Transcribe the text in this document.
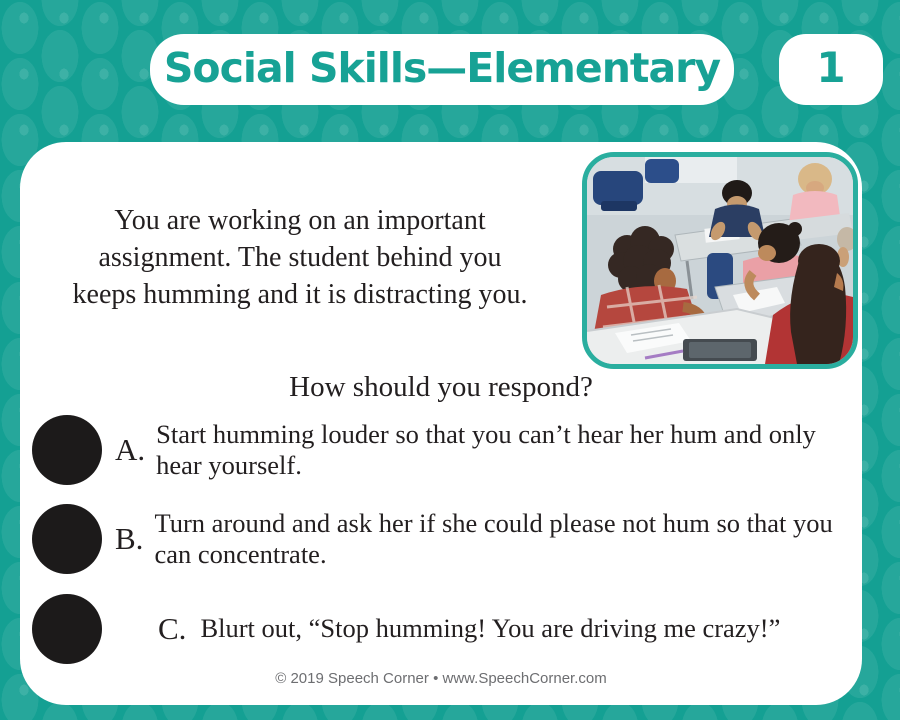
Social Skills—Elementary 1
You are working on an important
assignment. The student behind you
keeps humming and it is distracting you.
How should you respond?
A. Start humming louder so that you can’t hear her hum and only hear yourself.
B. Turn around and ask her if she could please not hum so that you can concentrate.
C. Blurt out, “Stop humming! You are driving me crazy!”
© 2019 Speech Corner • www.SpeechCorner.com
